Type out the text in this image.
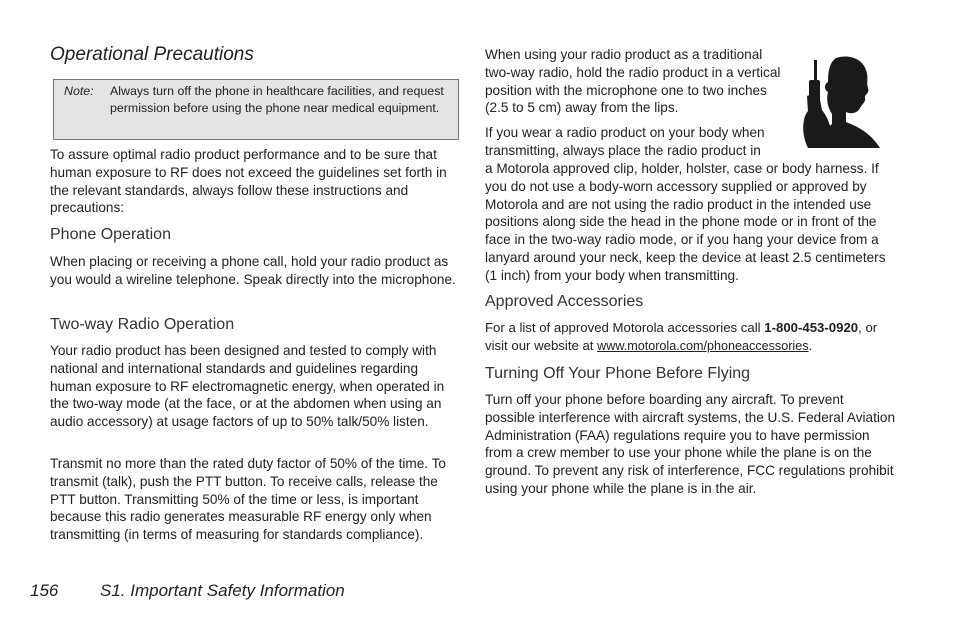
Operational Precautions
Note:	Always turn off the phone in healthcare facilities, and request permission before using the phone near medical equipment.

To assure optimal radio product performance and to be sure that human exposure to RF does not exceed the guidelines set forth in the relevant standards, always follow these instructions and precautions:

Phone Operation

When placing or receiving a phone call, hold your radio product as you would a wireline telephone. Speak directly into the microphone.

Two-way Radio Operation

Your radio product has been designed and tested to comply with national and international standards and guidelines regarding human exposure to RF electromagnetic energy, when operated in the two-way mode (at the face, or at the abdomen when using an audio accessory) at usage factors of up to 50% talk/50% listen.

Transmit no more than the rated duty factor of 50% of the time. To transmit (talk), push the PTT button. To receive calls, release the PTT button. Transmitting 50% of the time or less, is important because this radio generates measurable RF energy only when transmitting (in terms of measuring for standards compliance).

When using your radio product as a traditional two-way radio, hold the radio product in a vertical position with the microphone one to two inches (2.5 to 5 cm) away from the lips.

If you wear a radio product on your body when transmitting, always place the radio product in

a Motorola approved clip, holder, holster, case or body harness. If you do not use a body-worn accessory supplied or approved by Motorola and are not using the radio product in the intended use positions along side the head in the phone mode or in front of the face in the two-way radio mode, or if you hang your device from a lanyard around your neck, keep the device at least 2.5 centimeters (1 inch) from your body when transmitting.

Approved Accessories

For a list of approved Motorola accessories call 1-800-453-0920, or visit our website at www.motorola.com/phoneaccessories.

Turning Off Your Phone Before Flying

Turn off your phone before boarding any aircraft. To prevent possible interference with aircraft systems, the U.S. Federal Aviation Administration (FAA) regulations require you to have permission from a crew member to use your phone while the plane is on the ground. To prevent any risk of interference, FCC regulations prohibit using your phone while the plane is in the air.

156 S1. Important Safety Information
